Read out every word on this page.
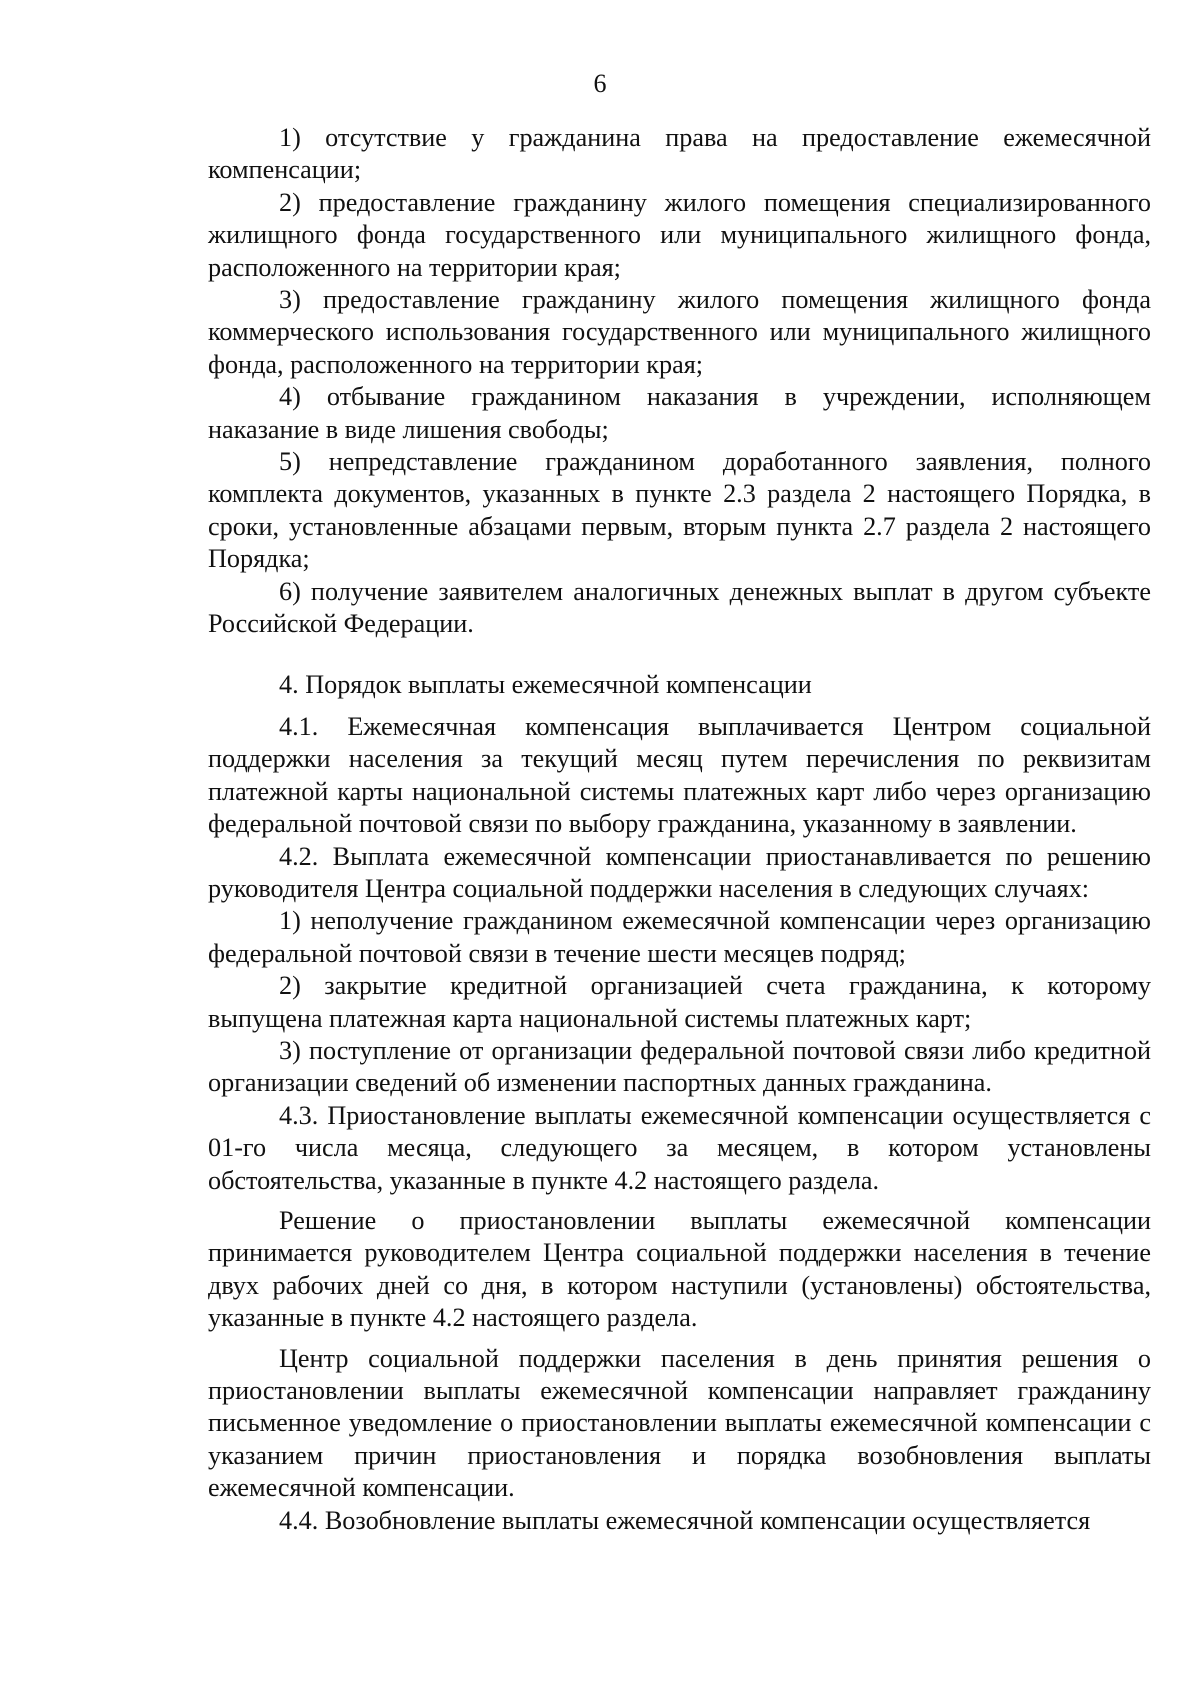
6

1) отсутствие у гражданина права на предоставление ежемесячной компенсации;

2) предоставление гражданину жилого помещения специализированного жилищного фонда государственного или муниципального жилищного фонда, расположенного на территории края;

3) предоставление гражданину жилого помещения жилищного фонда коммерческого использования государственного или муниципального жилищного фонда, расположенного на территории края;

4) отбывание гражданином наказания в учреждении, исполняющем наказание в виде лишения свободы;

5) непредставление гражданином доработанного заявления, полного комплекта документов, указанных в пункте 2.3 раздела 2 настоящего Порядка, в сроки, установленные абзацами первым, вторым пункта 2.7 раздела 2 настоящего Порядка;

6) получение заявителем аналогичных денежных выплат в другом субъекте Российской Федерации.

4. Порядок выплаты ежемесячной компенсации

4.1. Ежемесячная компенсация выплачивается Центром социальной поддержки населения за текущий месяц путем перечисления по реквизитам платежной карты национальной системы платежных карт либо через организацию федеральной почтовой связи по выбору гражданина, указанному в заявлении.

4.2. Выплата ежемесячной компенсации приостанавливается по решению руководителя Центра социальной поддержки населения в следующих случаях:

1) неполучение гражданином ежемесячной компенсации через организацию федеральной почтовой связи в течение шести месяцев подряд;

2) закрытие кредитной организацией счета гражданина, к которому выпущена платежная карта национальной системы платежных карт;

3) поступление от организации федеральной почтовой связи либо кредитной организации сведений об изменении паспортных данных гражданина.

4.3. Приостановление выплаты ежемесячной компенсации осуществляется с 01-го числа месяца, следующего за месяцем, в котором установлены обстоятельства, указанные в пункте 4.2 настоящего раздела.

Решение о приостановлении выплаты ежемесячной компенсации принимается руководителем Центра социальной поддержки населения в течение двух рабочих дней со дня, в котором наступили (установлены) обстоятельства, указанные в пункте 4.2 настоящего раздела.

Центр социальной поддержки паселения в день принятия решения о приостановлении выплаты ежемесячной компенсации направляет гражданину письменное уведомление о приостановлении выплаты ежемесячной компенсации с указанием причин приостановления и порядка возобновления выплаты ежемесячной компенсации.

4.4. Возобновление выплаты ежемесячной компенсации осуществляется
